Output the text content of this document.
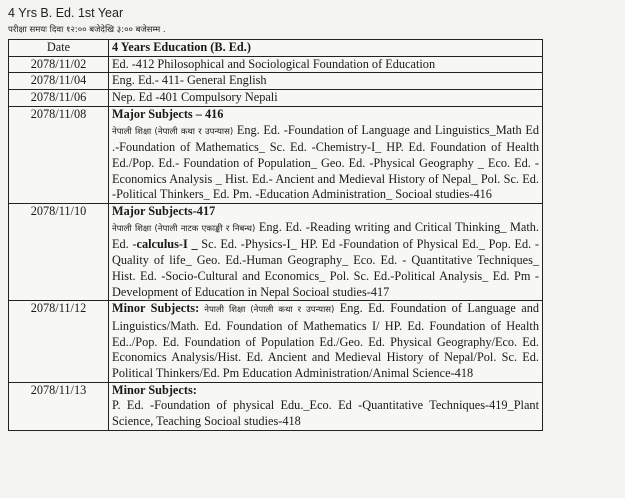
4 Yrs B. Ed. 1st Year
परीक्षा समयः दिवा १२:०० बजेदेखि ३:०० बजेसम्म .
Date	4 Years Education (B. Ed.)
2078/11/02	Ed. -412 Philosophical and Sociological Foundation of Education
2078/11/04	Eng. Ed.- 411- General English
2078/11/06	Nep. Ed -401 Compulsory Nepali
2078/11/08	Major Subjects – 416
नेपाली शिक्षा (नेपाली कथा र उपन्यास) Eng. Ed. -Foundation of Language and Linguistics_Math Ed .-Foundation of Mathematics_ Sc. Ed. -Chemistry-I_ HP. Ed. Foundation of Health Ed./Pop. Ed.- Foundation of Population_ Geo. Ed. -Physical Geography _ Eco. Ed. -Economics Analysis _ Hist. Ed.- Ancient and Medieval History of Nepal_ Pol. Sc. Ed. -Political Thinkers_ Ed. Pm. -Education Administration_ Socioal studies-416
2078/11/10	Major Subjects-417
नेपाली शिक्षा (नेपाली नाटक एकाङ्की र निबन्ध) Eng. Ed. -Reading writing and Critical Thinking_ Math. Ed. -calculus-I _ Sc. Ed. -Physics-I_ HP. Ed -Foundation of Physical Ed._ Pop. Ed. -Quality of life_ Geo. Ed.-Human Geography_ Eco. Ed. - Quantitative Techniques_ Hist. Ed. -Socio-Cultural and Economics_ Pol. Sc. Ed.-Political Analysis_ Ed. Pm -Development of Education in Nepal Socioal studies-417
2078/11/12	Minor Subjects: नेपाली शिक्षा (नेपाली कथा र उपन्यास) Eng. Ed. Foundation of Language and Linguistics/Math. Ed. Foundation of Mathematics I/ HP. Ed. Foundation of Health Ed../Pop. Ed. Foundation of Population Ed./Geo. Ed. Physical Geography/Eco. Ed. Economics Analysis/Hist. Ed. Ancient and Medieval History of Nepal/Pol. Sc. Ed. Political Thinkers/Ed. Pm Education Administration/Animal Science-418
2078/11/13	Minor Subjects:
P. Ed. -Foundation of physical Edu._Eco. Ed -Quantitative Techniques-419_Plant Science, Teaching Socioal studies-418
